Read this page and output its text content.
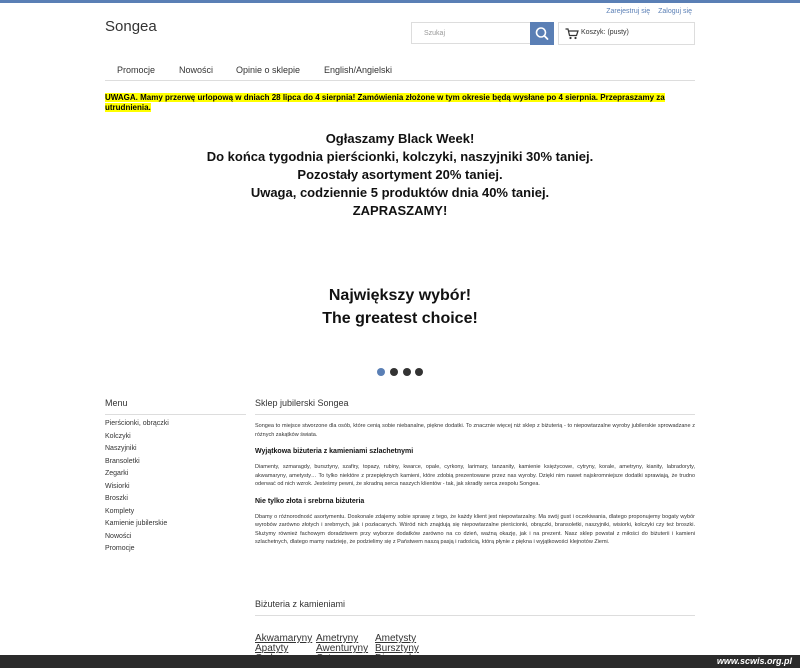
Songea
Zarejestruj się Zaloguj się
Szukaj	Koszyk: (pusty)
Promocje	Nowości	Opinie o sklepie	English/Angielski
UWAGA. Mamy przerwę urlopową w dniach 28 lipca do 4 sierpnia! Zamówienia złożone w tym okresie będą wysłane po 4 sierpnia. Przepraszamy za utrudnienia.
Ogłaszamy Black Week!
Do końca tygodnia pierścionki, kolczyki, naszyjniki 30% taniej.
Pozostały asortyment 20% taniej.
Uwaga, codziennie 5 produktów dnia 40% taniej.
ZAPRASZAMY!
Największy wybór!
The greatest choice!
Menu
Pierścionki, obrączki
Kolczyki
Naszyjniki
Bransoletki
Zegarki
Wisiorki
Broszki
Komplety
Kamienie jubilerskie
Nowości
Promocje
Sklep jubilerski Songea

Songea to miejsce stworzone dla osób, które cenią sobie niebanalne, piękne dodatki. To znacznie więcej niż sklep z biżuterią - to niepowtarzalne wyroby jubilerskie sprowadzane z różnych zakątków świata.

Wyjątkowa biżuteria z kamieniami szlachetnymi

Diamenty, szmaragdy, bursztyny, szafiry, topazy, rubiny, kwarce, opale, cyrkony, larimary, tanzanity, kamienie księżycowe, cytryny, korale, ametryny, kianity, labradoryty, akwamaryny, ametysty… To tylko niektóre z przepięknych kamieni, które zdobią prezentowane przez nas wyroby. Dzięki nim nawet najskromniejsze dodatki sprawiają, że trudno oderwać od nich wzrok. Jesteśmy pewni, że skradną serca naszych klientów - tak, jak skradły serca zespołu Songea.

Nie tylko złota i srebrna biżuteria

Dbamy o różnorodność asortymentu. Doskonale zdajemy sobie sprawę z tego, że każdy klient jest niepowtarzalny. Ma swój gust i oczekiwania, dlatego proponujemy bogaty wybór wyrobów zarówno złotych i srebrnych, jak i pozłacanych. Wśród nich znajdują się niepowtarzalne pierścionki, obrączki, bransoletki, naszyjniki, wisiorki, kolczyki czy też broszki. Służymy również fachowym doradztwem przy wyborze dodatków zarówno na co dzień, ważną okazję, jak i na prezent. Nasz sklep powstał z miłości do biżuterii i kamieni szlachetnych, dlatego mamy nadzieję, że podzielimy się z Państwem naszą pasją i radością, którą płynie z piękna i wyjątkowości klejnotów Ziemi.

Biżuteria z kamieniami
Akwamaryny
Apatyty
Ametryny
Awenturyny
Ametysty
Bursztyny
www.scwis.org.pl
